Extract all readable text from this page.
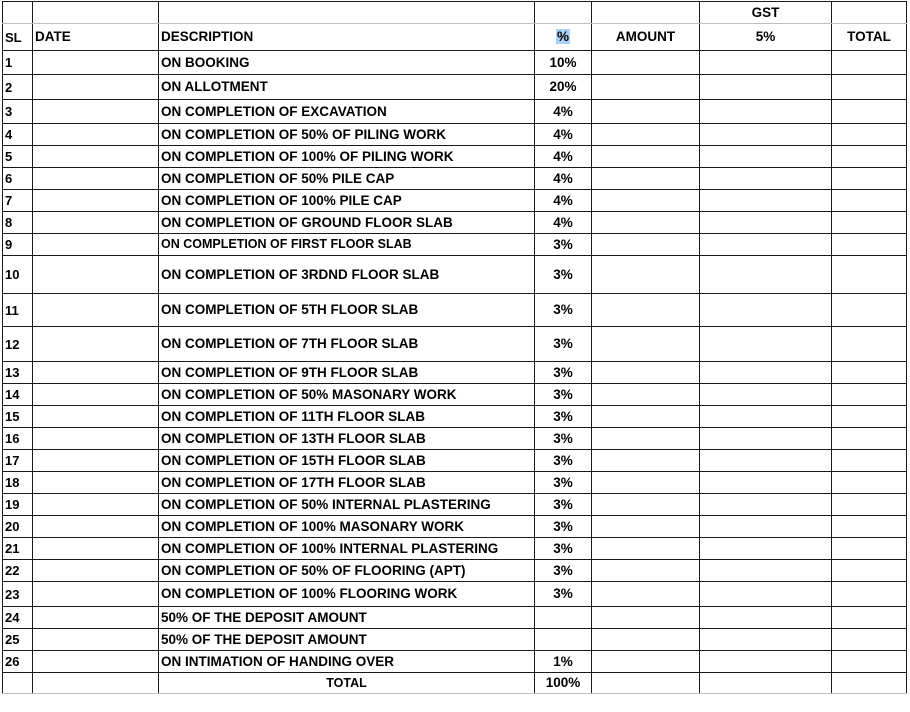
					GST	
SL	DATE	DESCRIPTION	%	AMOUNT	5%	TOTAL
1		ON BOOKING	10%			
2		ON ALLOTMENT	20%			
3		ON COMPLETION OF EXCAVATION	4%			
4		ON COMPLETION OF 50% OF PILING WORK	4%			
5		ON COMPLETION OF 100% OF PILING WORK	4%			
6		ON COMPLETION OF 50% PILE CAP	4%			
7		ON COMPLETION OF 100% PILE CAP	4%			
8		ON COMPLETION OF GROUND FLOOR SLAB	4%			
9		ON COMPLETION OF FIRST FLOOR SLAB	3%			
10		ON COMPLETION OF 3RDND FLOOR SLAB	3%			
11		ON COMPLETION OF 5TH FLOOR SLAB	3%			
12		ON COMPLETION OF 7TH FLOOR SLAB	3%			
13		ON COMPLETION OF 9TH FLOOR SLAB	3%			
14		ON COMPLETION OF 50% MASONARY WORK	3%			
15		ON COMPLETION OF 11TH FLOOR SLAB	3%			
16		ON COMPLETION OF 13TH FLOOR SLAB	3%			
17		ON COMPLETION OF 15TH FLOOR SLAB	3%			
18		ON COMPLETION OF 17TH FLOOR SLAB	3%			
19		ON COMPLETION OF 50% INTERNAL PLASTERING	3%			
20		ON COMPLETION OF 100% MASONARY WORK	3%			
21		ON COMPLETION OF 100% INTERNAL PLASTERING	3%			
22		ON COMPLETION OF 50% OF FLOORING (APT)	3%			
23		ON COMPLETION OF 100% FLOORING WORK	3%			
24		50% OF THE DEPOSIT AMOUNT				
25		50% OF THE DEPOSIT AMOUNT				
26		ON INTIMATION OF HANDING OVER	1%			
		TOTAL	100%			
